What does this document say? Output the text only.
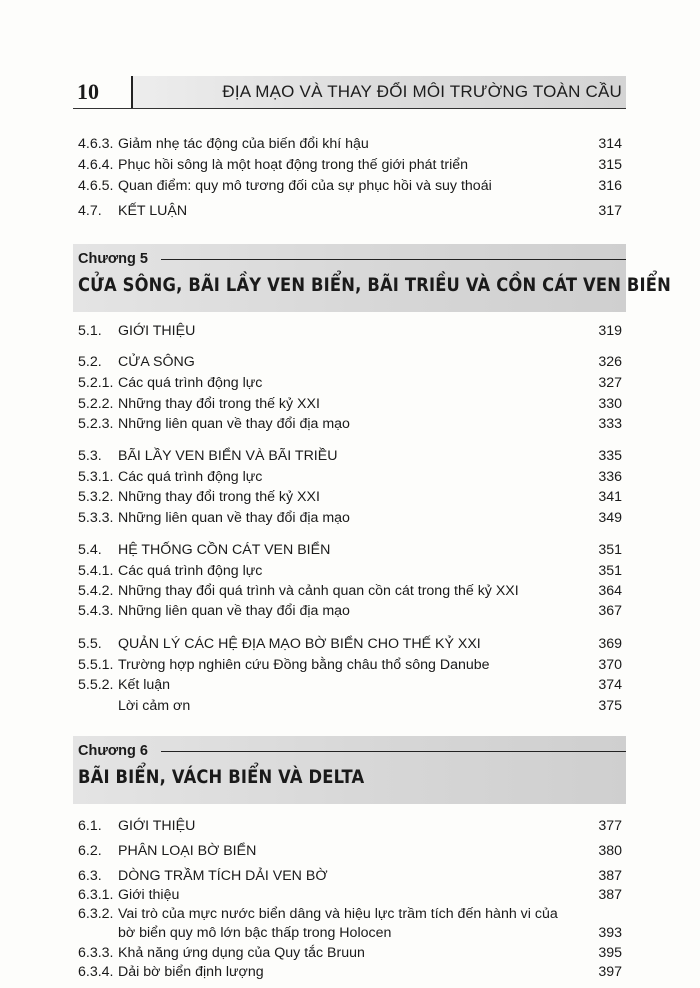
10	ĐỊA MẠO VÀ THAY ĐỔI MÔI TRƯỜNG TOÀN CẦU
4.6.3. Giảm nhẹ tác động của biến đổi khí hậu	314
4.6.4. Phục hồi sông là một hoạt động trong thế giới phát triển	315
4.6.5. Quan điểm: quy mô tương đối của sự phục hồi và suy thoái	316
4.7. KẾT LUẬN	317
Chương 5
CỬA SÔNG, BÃI LẦY VEN BIỂN, BÃI TRIỀU VÀ CỒN CÁT VEN BIỂN
5.1. GIỚI THIỆU	319
5.2. CỬA SÔNG	326
5.2.1. Các quá trình động lực	327
5.2.2. Những thay đổi trong thế kỷ XXI	330
5.2.3. Những liên quan về thay đổi địa mạo	333
5.3. BÃI LẦY VEN BIỂN VÀ BÃI TRIỀU	335
5.3.1. Các quá trình động lực	336
5.3.2. Những thay đổi trong thế kỷ XXI	341
5.3.3. Những liên quan về thay đổi địa mạo	349
5.4. HỆ THỐNG CỒN CÁT VEN BIỂN	351
5.4.1. Các quá trình động lực	351
5.4.2. Những thay đổi quá trình và cảnh quan cồn cát trong thế kỷ XXI	364
5.4.3. Những liên quan về thay đổi địa mạo	367
5.5. QUẢN LÝ CÁC HỆ ĐỊA MẠO BỜ BIỂN CHO THẾ KỶ XXI	369
5.5.1. Trường hợp nghiên cứu Đồng bằng châu thổ sông Danube	370
5.5.2. Kết luận	374
Lời cảm ơn	375
Chương 6
BÃI BIỂN, VÁCH BIỂN VÀ DELTA
6.1. GIỚI THIỆU	377
6.2. PHÂN LOẠI BỜ BIỂN	380
6.3. DÒNG TRẦM TÍCH DẢI VEN BỜ	387
6.3.1. Giới thiệu	387
6.3.2. Vai trò của mực nước biển dâng và hiệu lực trầm tích đến hành vi của bờ biển quy mô lớn bậc thấp trong Holocen	393
6.3.3. Khả năng ứng dụng của Quy tắc Bruun	395
6.3.4. Dải bờ biển định lượng	397
